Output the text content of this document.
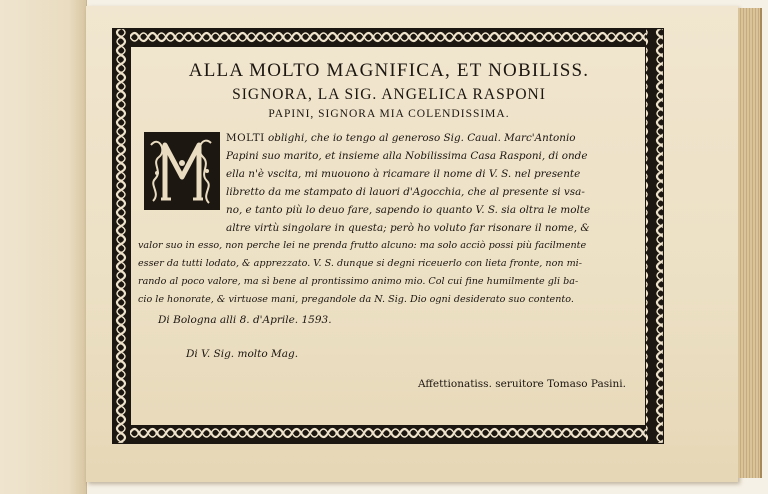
ALLA MOLTO MAGNIFICA, ET NOBILISS.
SIGNORA, LA SIG. ANGELICA RASPONI
PAPINI, SIGNORA MIA COLENDISSIMA.
MOLTI oblighi, che io tengo al generoso Sig. Caual. Marc'Antonio
Papini suo marito, et insieme alla Nobilissima Casa Rasponi, di onde
ella n'è vscita, mi muouono à ricamare il nome di V. S. nel presente
libretto da me stampato di lauori d'Agocchia, che al presente si vsa-
no, e tanto più lo deuo fare, sapendo io quanto V. S. sia oltra le molte
altre virtù singolare in questa; però ho voluto far risonare il nome, &
valor suo in esso, non perche lei ne prenda frutto alcuno: ma solo acciò possi più facilmente
esser da tutti lodato, & apprezzato. V. S. dunque si degni riceuerlo con lieta fronte, non mi-
rando al poco valore, ma sì bene al prontissimo animo mio. Col cui fine humilmente gli ba-
cio le honorate, & virtuose mani, pregandole da N. Sig. Dio ogni desiderato suo contento.
Di Bologna alli 8. d'Aprile. 1593.
Di V. Sig. molto Mag.
Affettionatiss. seruitore Tomaso Pasini.
